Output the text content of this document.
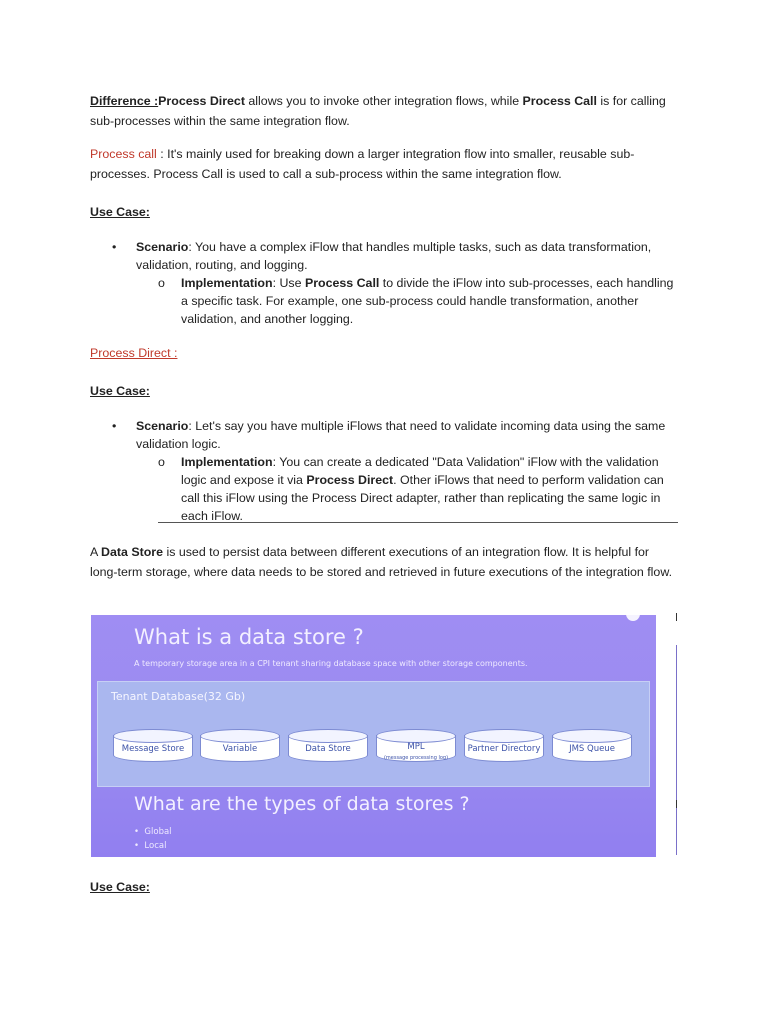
Difference :Process Direct allows you to invoke other integration flows, while Process Call is for calling sub-processes within the same integration flow.

Process call : It's mainly used for breaking down a larger integration flow into smaller, reusable sub-processes. Process Call is used to call a sub-process within the same integration flow.

Use Case:

• Scenario: You have a complex iFlow that handles multiple tasks, such as data transformation, validation, routing, and logging.
o Implementation: Use Process Call to divide the iFlow into sub-processes, each handling a specific task. For example, one sub-process could handle transformation, another validation, and another logging.

Process Direct :

Use Case:

• Scenario: Let's say you have multiple iFlows that need to validate incoming data using the same validation logic.
o Implementation: You can create a dedicated "Data Validation" iFlow with the validation logic and expose it via Process Direct. Other iFlows that need to perform validation can call this iFlow using the Process Direct adapter, rather than replicating the same logic in each iFlow.

A Data Store is used to persist data between different executions of an integration flow. It is helpful for long-term storage, where data needs to be stored and retrieved in future executions of the integration flow.

What is a data store ?
A temporary storage area in a CPI tenant sharing database space with other storage components.
Tenant Database(32 Gb)
Message Store	Variable	Data Store	MPL
(message processing log)
Partner Directory	JMS Queue
What are the types of data stores ?
•  Global
•  Local

Use Case:
